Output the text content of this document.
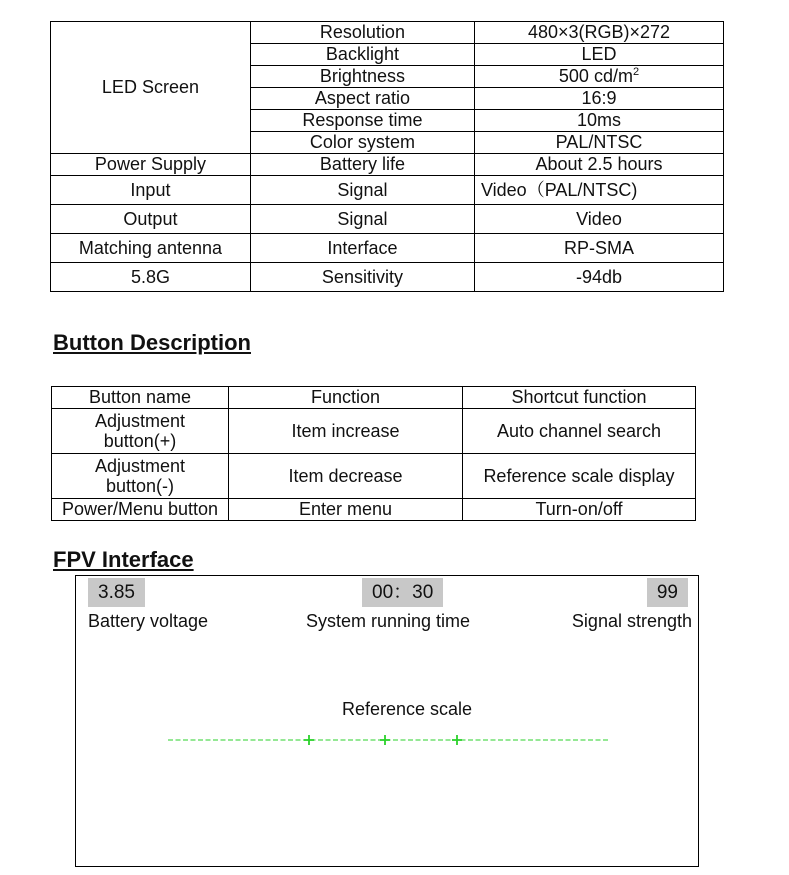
LED Screen	Resolution	480×3(RGB)×272
	Backlight	LED
	Brightness	500 $cd/m^2$
	Aspect ratio	16:9
	Response time	10ms
	Color system	PAL/NTSC
Power Supply	Battery life	About 2.5 hours
Input	Signal	Video（PAL/NTSC)
Output	Signal	Video
Matching antenna	Interface	RP-SMA
5.8G	Sensitivity	-94db
Button Description
Button name	Function	Shortcut function

Adjustment
button(+)	Item increase	Auto channel search

Adjustment
button(-)	Item decrease	Reference scale display
Power/Menu button	Enter menu	Turn-on/off
FPV Interface
3.85	00：30	99
Battery voltage	System running time	Signal strength
Reference scale
